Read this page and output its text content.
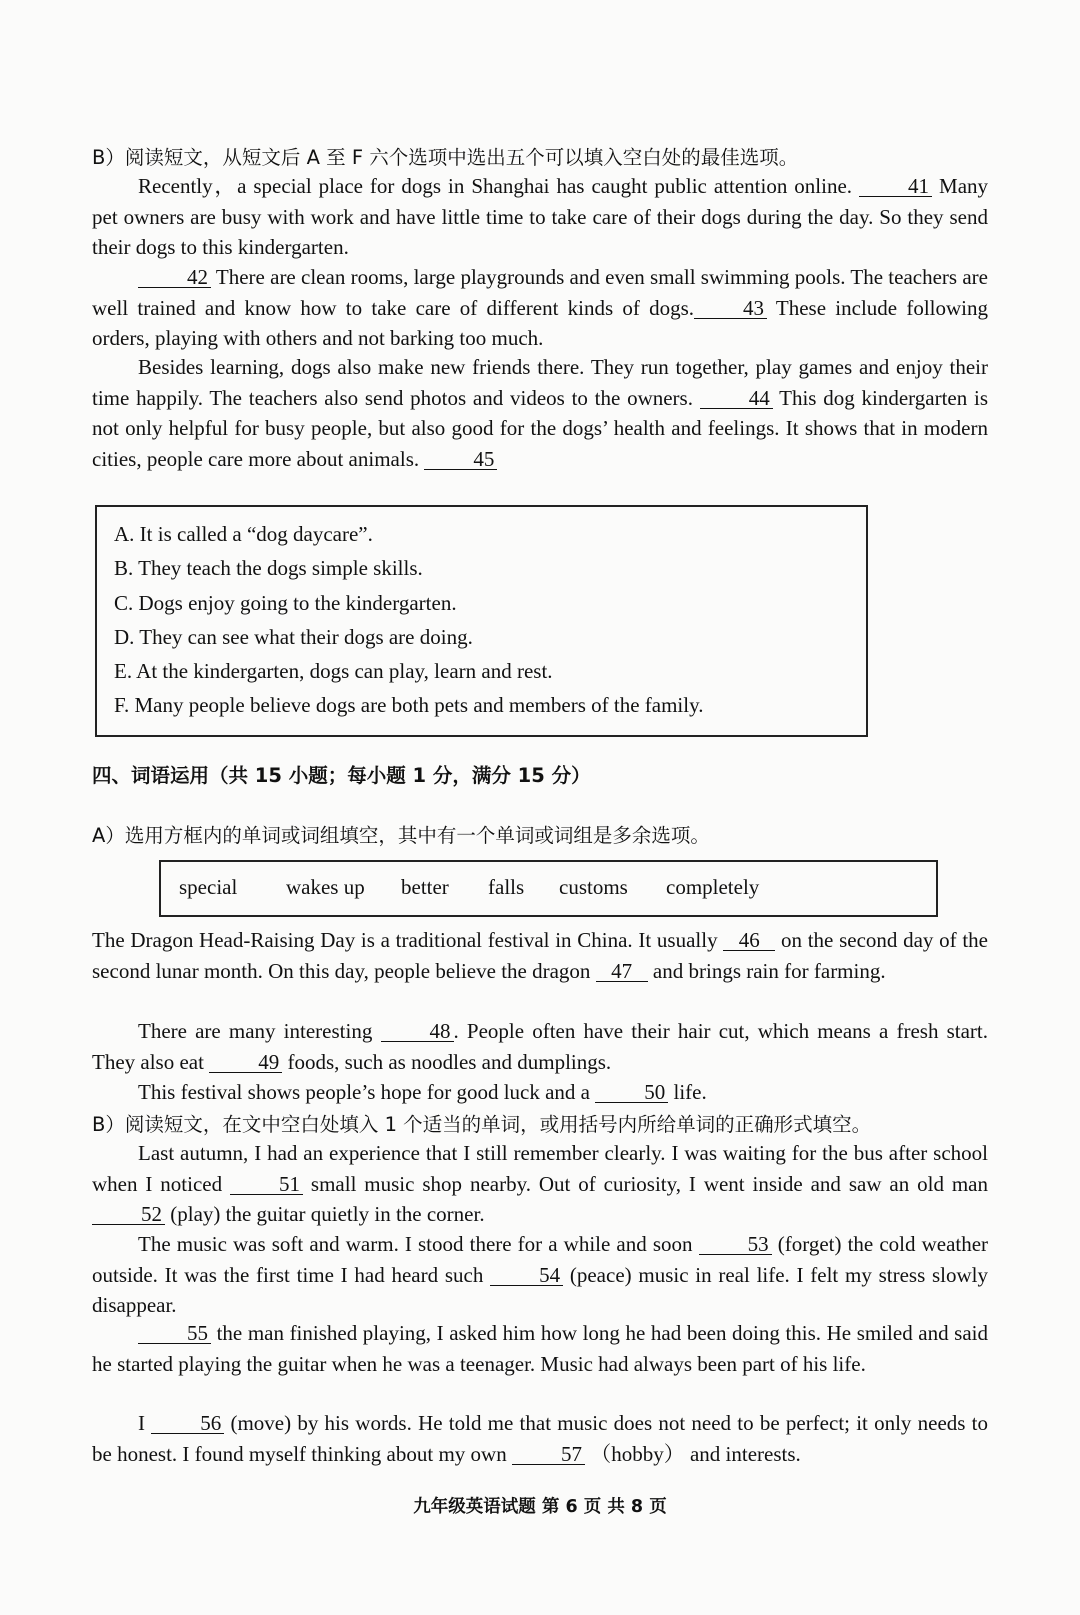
B）阅读短文，从短文后 A 至 F 六个选项中选出五个可以填入空白处的最佳选项。

Recently，a special place for dogs in Shanghai has caught public attention online.	41 Many pet owners are busy with work and have little time to take care of their dogs during the day. So they send their dogs to this kindergarten.

42 There are clean rooms, large playgrounds and even small swimming pools. The teachers are well trained and know how to take care of different kinds of dogs. 43 These include following orders, playing with others and not barking too much.

Besides learning, dogs also make new friends there. They run together, play games and enjoy their time happily. The teachers also send photos and videos to the owners.	44 This dog kindergarten is not only helpful for busy people, but also good for the dogs’ health and feelings. It shows that in modern cities, people care more about animals.	45

A. It is called a “dog daycare”.

B. They teach the dogs simple skills.

C. Dogs enjoy going to the kindergarten.

D. They can see what their dogs are doing.

E. At the kindergarten, dogs can play, learn and rest.

F. Many people believe dogs are both pets and members of the family.

四、词语运用（共 15 小题；每小题 1 分，满分 15 分）

A）选用方框内的单词或词组填空，其中有一个单词或词组是多余选项。

special wakes up better falls customs completely

The Dragon Head-Raising Day is a traditional festival in China. It usually 46 on the second day of the second lunar month. On this day, people believe the dragon 47 and brings rain for farming.

There are many interesting	48 . People often have their hair cut, which means a fresh start. They also eat	49 foods, such as noodles and dumplings.

This festival shows people’s hope for good luck and a	50 life.

B）阅读短文，在文中空白处填入 1 个适当的单词，或用括号内所给单词的正确形式填空。

Last autumn, I had an experience that I still remember clearly. I was waiting for the bus after school when I noticed	51 small music shop nearby. Out of curiosity, I went inside and saw an old man 52 (play) the guitar quietly in the corner.

The music was soft and warm. I stood there for a while and soon	53 (forget) the cold weather outside. It was the first time I had heard such	54 (peace) music in real life. I felt my stress slowly disappear.

55 the man finished playing, I asked him how long he had been doing this. He smiled and said he started playing the guitar when he was a teenager. Music had always been part of his life.

I	56 (move) by his words. He told me that music does not need to be perfect; it only needs to be honest. I found myself thinking about my own	57 （hobby） and interests.

九年级英语试题 第 6 页 共 8 页
